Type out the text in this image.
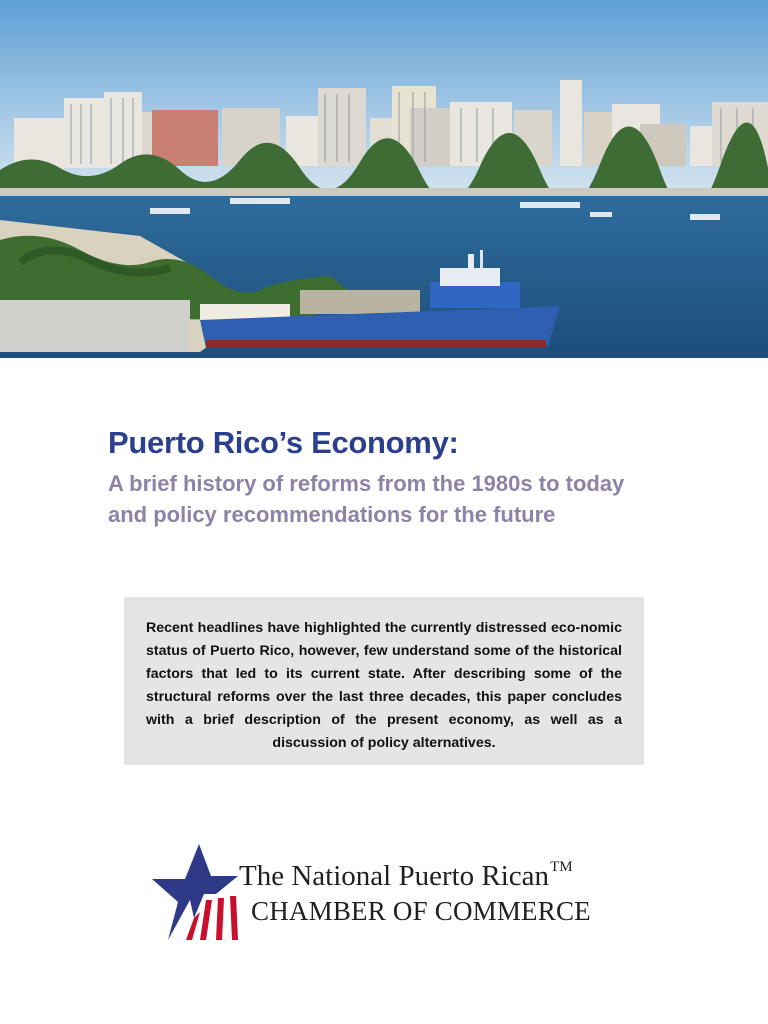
Puerto Rico’s Economy:
A brief history of reforms from the 1980s to today and policy recommendations for the future

Recent headlines have highlighted the currently distressed eco-nomic status of Puerto Rico, however, few understand some of the historical factors that led to its current state. After describing some of the structural reforms over the last three decades, this paper concludes with a brief description of the present economy, as well as a discussion of policy alternatives.

The National Puerto Rican™

CHAMBER OF COMMERCE
